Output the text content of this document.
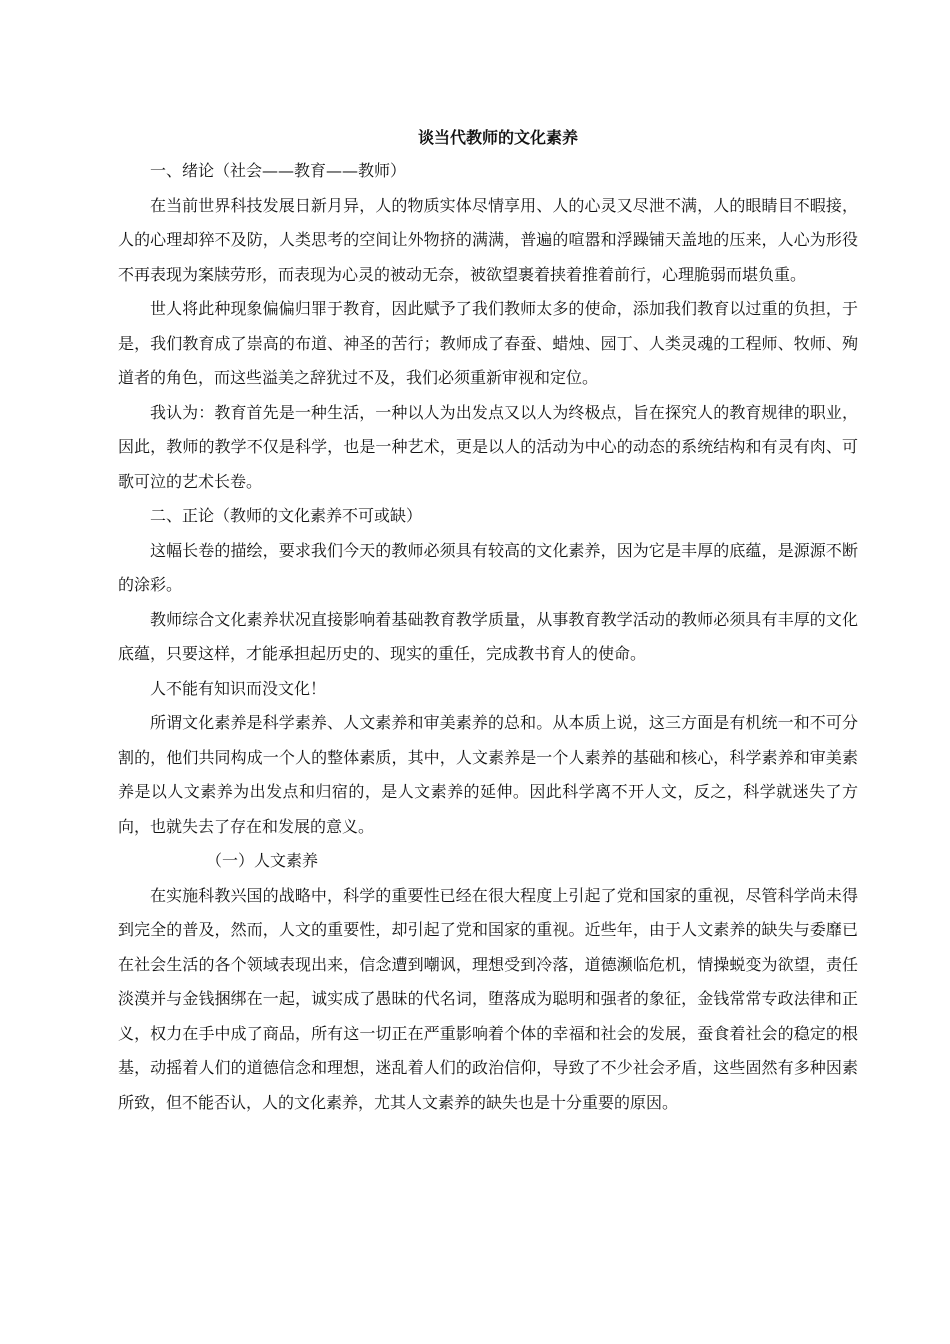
谈当代教师的文化素养

一、绪论（社会——教育——教师）

在当前世界科技发展日新月异，人的物质实体尽情享用、人的心灵又尽泄不满，人的眼睛目不暇接，人的心理却猝不及防，人类思考的空间让外物挤的满满，普遍的喧嚣和浮躁铺天盖地的压来，人心为形役不再表现为案牍劳形，而表现为心灵的被动无奈，被欲望裹着挟着推着前行，心理脆弱而堪负重。

世人将此种现象偏偏归罪于教育，因此赋予了我们教师太多的使命，添加我们教育以过重的负担，于是，我们教育成了崇高的布道、神圣的苦行；教师成了春蚕、蜡烛、园丁、人类灵魂的工程师、牧师、殉道者的角色，而这些溢美之辞犹过不及，我们必须重新审视和定位。

我认为：教育首先是一种生活，一种以人为出发点又以人为终极点，旨在探究人的教育规律的职业，因此，教师的教学不仅是科学，也是一种艺术，更是以人的活动为中心的动态的系统结构和有灵有肉、可歌可泣的艺术长卷。

二、正论（教师的文化素养不可或缺）

这幅长卷的描绘，要求我们今天的教师必须具有较高的文化素养，因为它是丰厚的底蕴，是源源不断的涂彩。

教师综合文化素养状况直接影响着基础教育教学质量，从事教育教学活动的教师必须具有丰厚的文化底蕴，只要这样，才能承担起历史的、现实的重任，完成教书育人的使命。

人不能有知识而没文化！

所谓文化素养是科学素养、人文素养和审美素养的总和。从本质上说，这三方面是有机统一和不可分割的，他们共同构成一个人的整体素质，其中，人文素养是一个人素养的基础和核心，科学素养和审美素养是以人文素养为出发点和归宿的，是人文素养的延伸。因此科学离不开人文，反之，科学就迷失了方向，也就失去了存在和发展的意义。

（一）人文素养

在实施科教兴国的战略中，科学的重要性已经在很大程度上引起了党和国家的重视，尽管科学尚未得到完全的普及，然而，人文的重要性，却引起了党和国家的重视。近些年，由于人文素养的缺失与委靡已在社会生活的各个领域表现出来，信念遭到嘲讽，理想受到冷落，道德濒临危机，情操蜕变为欲望，责任淡漠并与金钱捆绑在一起，诚实成了愚昧的代名词，堕落成为聪明和强者的象征，金钱常常专政法律和正义，权力在手中成了商品，所有这一切正在严重影响着个体的幸福和社会的发展，蚕食着社会的稳定的根基，动摇着人们的道德信念和理想，迷乱着人们的政治信仰，导致了不少社会矛盾，这些固然有多种因素所致，但不能否认，人的文化素养，尤其人文素养的缺失也是十分重要的原因。
